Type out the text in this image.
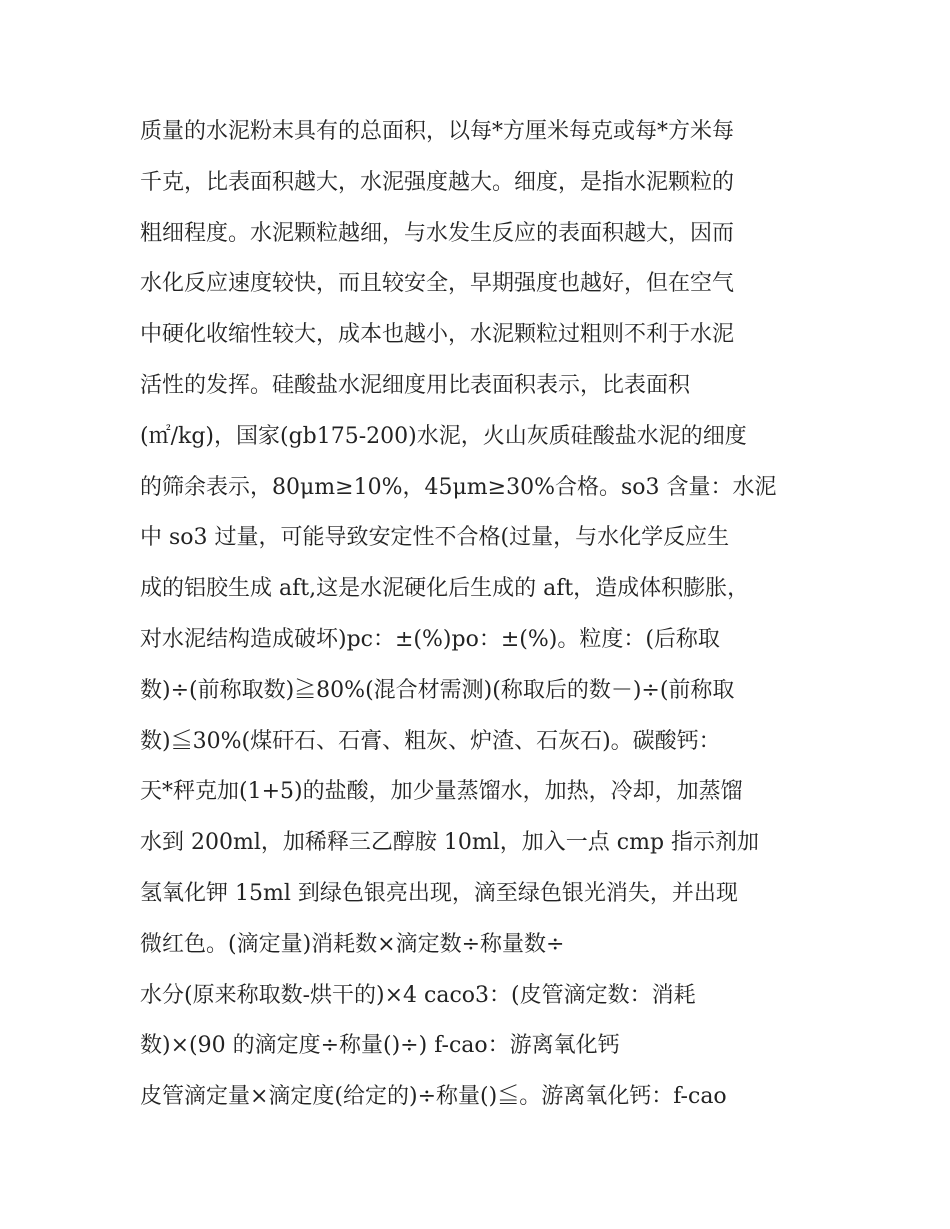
质量的水泥粉末具有的总面积，以每*方厘米每克或每*方米每
千克，比表面积越大，水泥强度越大。细度，是指水泥颗粒的
粗细程度。水泥颗粒越细，与水发生反应的表面积越大，因而
水化反应速度较快，而且较安全，早期强度也越好，但在空气
中硬化收缩性较大，成本也越小，水泥颗粒过粗则不利于水泥
活性的发挥。硅酸盐水泥细度用比表面积表示，比表面积
(㎡/kg)，国家(gb175-200)水泥，火山灰质硅酸盐水泥的细度
的筛余表示，80μm≥10%，45μm≥30%合格。so3 含量：水泥
中 so3 过量，可能导致安定性不合格(过量，与水化学反应生
成的铝胶生成 aft,这是水泥硬化后生成的 aft，造成体积膨胀，
对水泥结构造成破坏)pc：±(%)po：±(%)。粒度：(后称取
数)÷(前称取数)≧80%(混合材需测)(称取后的数－)÷(前称取
数)≦30%(煤矸石、石膏、粗灰、炉渣、石灰石)。碳酸钙：
天*秤克加(1+5)的盐酸，加少量蒸馏水，加热，冷却，加蒸馏
水到 200ml，加稀释三乙醇胺 10ml，加入一点 cmp 指示剂加
氢氧化钾 15ml 到绿色银亮出现，滴至绿色银光消失，并出现
微红色。(滴定量)消耗数×滴定数÷称量数÷
水分(原来称取数-烘干的)×4 caco3：(皮管滴定数：消耗
数)×(90 的滴定度÷称量()÷) f-cao：游离氧化钙
皮管滴定量×滴定度(给定的)÷称量()≦。游离氧化钙：f-cao
